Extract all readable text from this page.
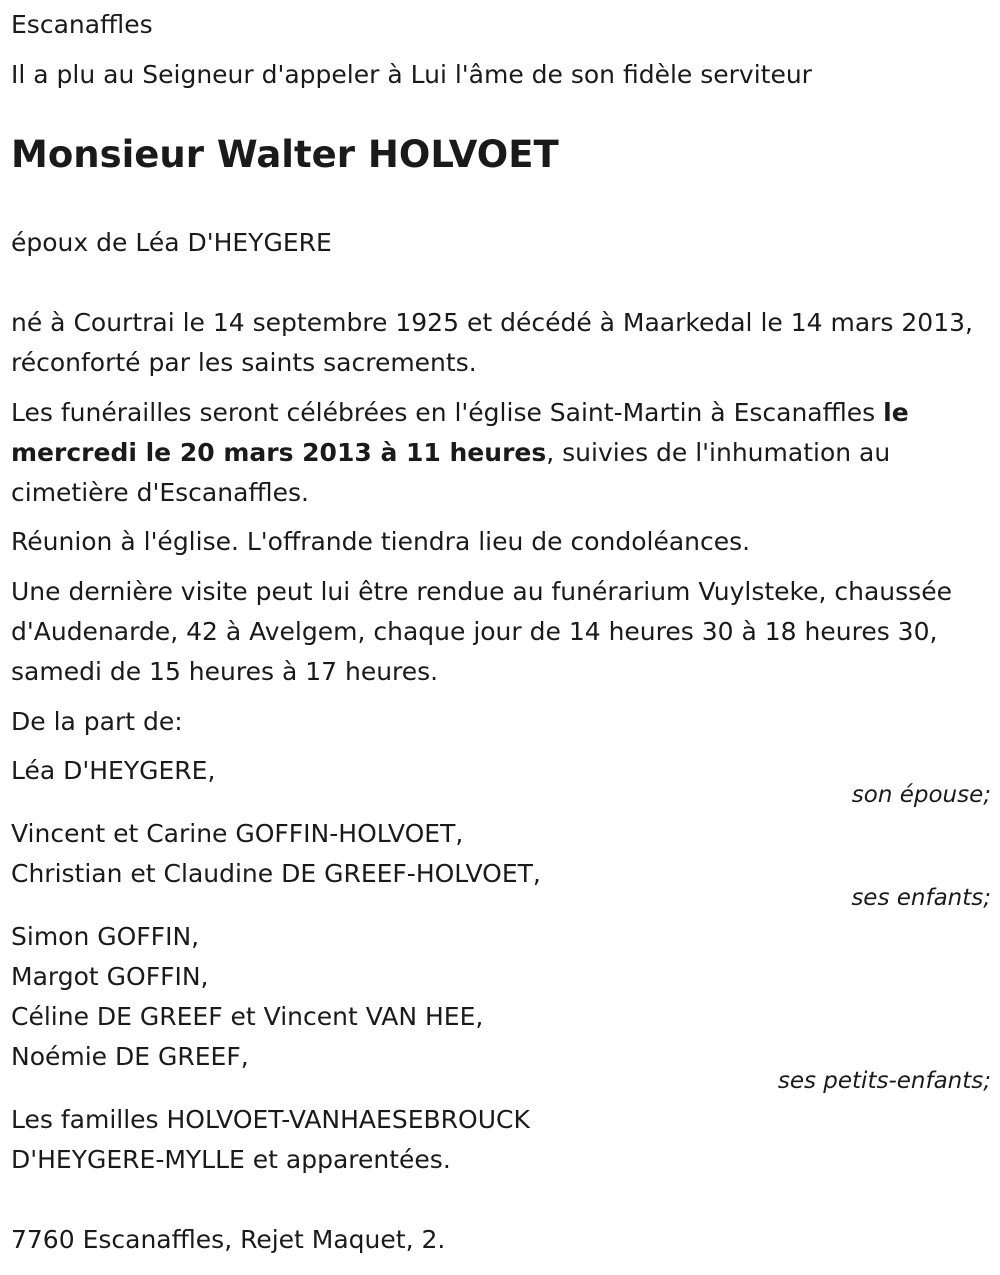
Escanaffles

Il a plu au Seigneur d'appeler à Lui l'âme de son fidèle serviteur

Monsieur Walter HOLVOET

époux de Léa D'HEYGERE

né à Courtrai le 14 septembre 1925 et décédé à Maarkedal le 14 mars 2013, réconforté par les saints sacrements.

Les funérailles seront célébrées en l'église Saint-Martin à Escanaffles le mercredi le 20 mars 2013 à 11 heures, suivies de l'inhumation au cimetière d'Escanaffles.

Réunion à l'église. L'offrande tiendra lieu de condoléances.

Une dernière visite peut lui être rendue au funérarium Vuylsteke, chaussée d'Audenarde, 42 à Avelgem, chaque jour de 14 heures 30 à 18 heures 30, samedi de 15 heures à 17 heures.

De la part de:

Léa D'HEYGERE,

son épouse;

Vincent et Carine GOFFIN-HOLVOET,

Christian et Claudine DE GREEF-HOLVOET,

ses enfants;

Simon GOFFIN,

Margot GOFFIN,

Céline DE GREEF et Vincent VAN HEE,

Noémie DE GREEF,

ses petits-enfants;

Les familles HOLVOET-VANHAESEBROUCK

D'HEYGERE-MYLLE et apparentées.

7760 Escanaffles, Rejet Maquet, 2.
